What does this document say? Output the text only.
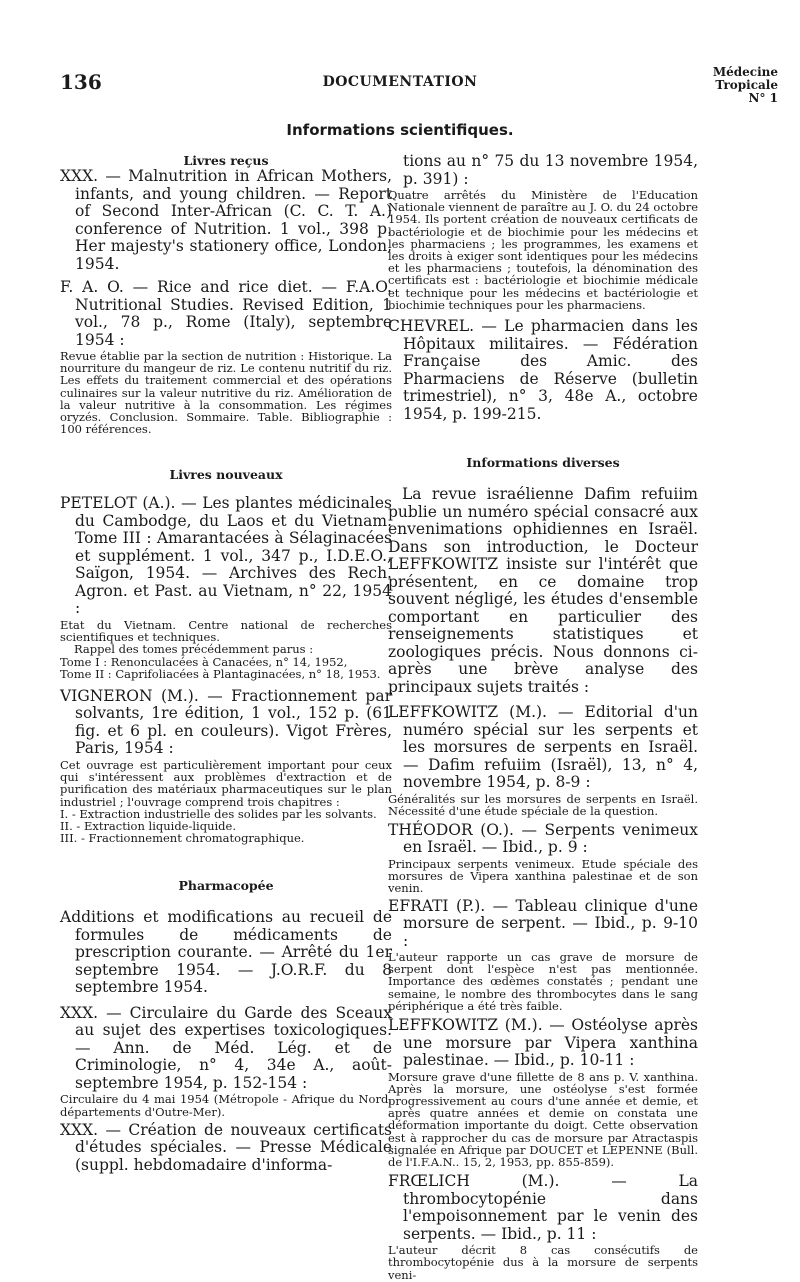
136	DOCUMENTATION
Médecine
Tropicale
N° 1
Informations scientifiques.
Livres reçus

XXX. — Malnutrition in African Mothers, infants, and young children. — Report of Second Inter-African (C. C. T. A.) conference of Nutrition. 1 vol., 398 p. Her majesty's stationery office, London, 1954.

F. A. O. — Rice and rice diet. — F.A.O. Nutritional Studies. Revised Edition, 1 vol., 78 p., Rome (Italy), septembre 1954 :

Revue établie par la section de nutrition : Historique. La nourriture du mangeur de riz. Le contenu nutritif du riz. Les effets du traitement commercial et des opérations culinaires sur la valeur nutritive du riz. Amélioration de la valeur nutritive à la consommation. Les régimes oryzés. Conclusion. Sommaire. Table. Bibliographie : 100 références.

Livres nouveaux

PETELOT (A.). — Les plantes médicinales du Cambodge, du Laos et du Vietnam. Tome III : Amarantacées à Sélaginacées et supplément. 1 vol., 347 p., I.D.E.O., Saïgon, 1954. — Archives des Rech. Agron. et Past. au Vietnam, n° 22, 1954 :

Etat du Vietnam. Centre national de recherches scientifiques et techniques.

Rappel des tomes précédemment parus :

Tome I : Renonculacées à Canacées, n° 14, 1952,

Tome II : Caprifoliacées à Plantaginacées, n° 18, 1953.

VIGNERON (M.). — Fractionnement par solvants, 1re édition, 1 vol., 152 p. (61 fig. et 6 pl. en couleurs). Vigot Frères, Paris, 1954 :

Cet ouvrage est particulièrement important pour ceux qui s'intéressent aux problèmes d'extraction et de purification des matériaux pharmaceutiques sur le plan industriel ; l'ouvrage comprend trois chapitres :

I. - Extraction industrielle des solides par les solvants.

II. - Extraction liquide-liquide.

III. - Fractionnement chromatographique.

Pharmacopée

Additions et modifications au recueil de formules de médicaments de prescription courante. — Arrêté du 1er septembre 1954. — J.O.R.F. du 8 septembre 1954.

XXX. — Circulaire du Garde des Sceaux au sujet des expertises toxicologiques. — Ann. de Méd. Lég. et de Criminologie, n° 4, 34e A., août-septembre 1954, p. 152-154 :

Circulaire du 4 mai 1954 (Métropole - Afrique du Nord, départements d'Outre-Mer).

XXX. — Création de nouveaux certificats d'études spéciales. — Presse Médicale (suppl. hebdomadaire d'informa-

tions au n° 75 du 13 novembre 1954, p. 391) :

Quatre arrêtés du Ministère de l'Education Nationale viennent de paraître au J. O. du 24 octobre 1954. Ils portent création de nouveaux certificats de bactériologie et de biochimie pour les médecins et les pharmaciens ; les programmes, les examens et les droits à exiger sont identiques pour les médecins et les pharmaciens ; toutefois, la dénomination des certificats est : bactériologie et biochimie médicale et technique pour les médecins et bactériologie et biochimie techniques pour les pharmaciens.

CHEVREL. — Le pharmacien dans les Hôpitaux militaires. — Fédération Française des Amic. des Pharmaciens de Réserve (bulletin trimestriel), n° 3, 48e A., octobre 1954, p. 199-215.

Informations diverses

La revue israélienne Dafim refuiim publie un numéro spécial consacré aux envenimations ophidiennes en Israël. Dans son introduction, le Docteur LEFFKOWITZ insiste sur l'intérêt que présentent, en ce domaine trop souvent négligé, les études d'ensemble comportant en particulier des renseignements statistiques et zoologiques précis. Nous donnons ci-après une brève analyse des principaux sujets traités :

LEFFKOWITZ (M.). — Editorial d'un numéro spécial sur les serpents et les morsures de serpents en Israël. — Dafim refuiim (Israël), 13, n° 4, novembre 1954, p. 8-9 :

Généralités sur les morsures de serpents en Israël. Nécessité d'une étude spéciale de la question.

THÉODOR (O.). — Serpents venimeux en Israël. — Ibid., p. 9 :

Principaux serpents venimeux. Etude spéciale des morsures de Vipera xanthina palestinae et de son venin.

EFRATI (P.). — Tableau clinique d'une morsure de serpent. — Ibid., p. 9-10 :

L'auteur rapporte un cas grave de morsure de serpent dont l'espèce n'est pas mentionnée. Importance des œdèmes constatés ; pendant une semaine, le nombre des thrombocytes dans le sang périphérique a été très faible.

LEFFKOWITZ (M.). — Ostéolyse après une morsure par Vipera xanthina palestinae. — Ibid., p. 10-11 :

Morsure grave d'une fillette de 8 ans p. V. xanthina. Après la morsure, une ostéolyse s'est formée progressivement au cours d'une année et demie, et après quatre années et demie on constata une déformation importante du doigt. Cette observation est à rapprocher du cas de morsure par Atractaspis signalée en Afrique par DOUCET et LEPENNE (Bull. de l'I.F.A.N.. 15, 2, 1953, pp. 855-859).

FRŒLICH (M.). — La thrombocytopénie dans l'empoisonnement par le venin des serpents. — Ibid., p. 11 :

L'auteur décrit 8 cas consécutifs de thrombocytopénie dus à la morsure de serpents veni-
